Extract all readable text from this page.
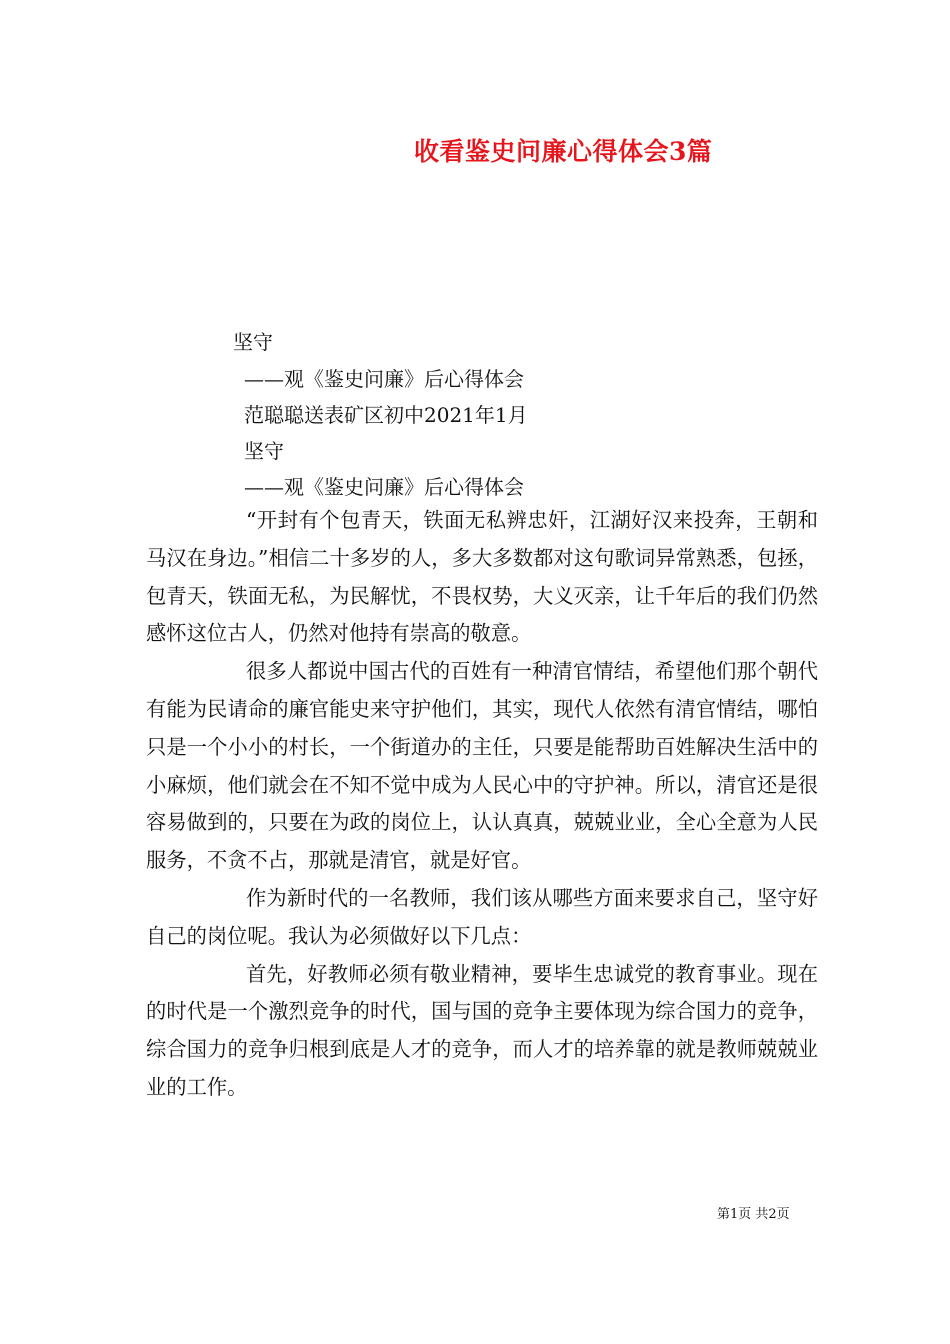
收看鉴史问廉心得体会3篇
坚守
——观《鉴史问廉》后心得体会
范聪聪送表矿区初中2021年1月
坚守
——观《鉴史问廉》后心得体会

“开封有个包青天，铁面无私辨忠奸，江湖好汉来投奔，王朝和马汉在身边。”相信二十多岁的人，多大多数都对这句歌词异常熟悉，包拯，包青天，铁面无私，为民解忧，不畏权势，大义灭亲，让千年后的我们仍然感怀这位古人，仍然对他持有崇高的敬意。

很多人都说中国古代的百姓有一种清官情结，希望他们那个朝代有能为民请命的廉官能史来守护他们，其实，现代人依然有清官情结，哪怕只是一个小小的村长，一个街道办的主任，只要是能帮助百姓解决生活中的小麻烦，他们就会在不知不觉中成为人民心中的守护神。所以，清官还是很容易做到的，只要在为政的岗位上，认认真真，兢兢业业，全心全意为人民服务，不贪不占，那就是清官，就是好官。

作为新时代的一名教师，我们该从哪些方面来要求自己，坚守好自己的岗位呢。我认为必须做好以下几点：

首先，好教师必须有敬业精神，要毕生忠诚党的教育事业。现在的时代是一个激烈竞争的时代，国与国的竞争主要体现为综合国力的竞争，综合国力的竞争归根到底是人才的竞争，而人才的培养靠的就是教师兢兢业业的工作。

第1页 共2页
